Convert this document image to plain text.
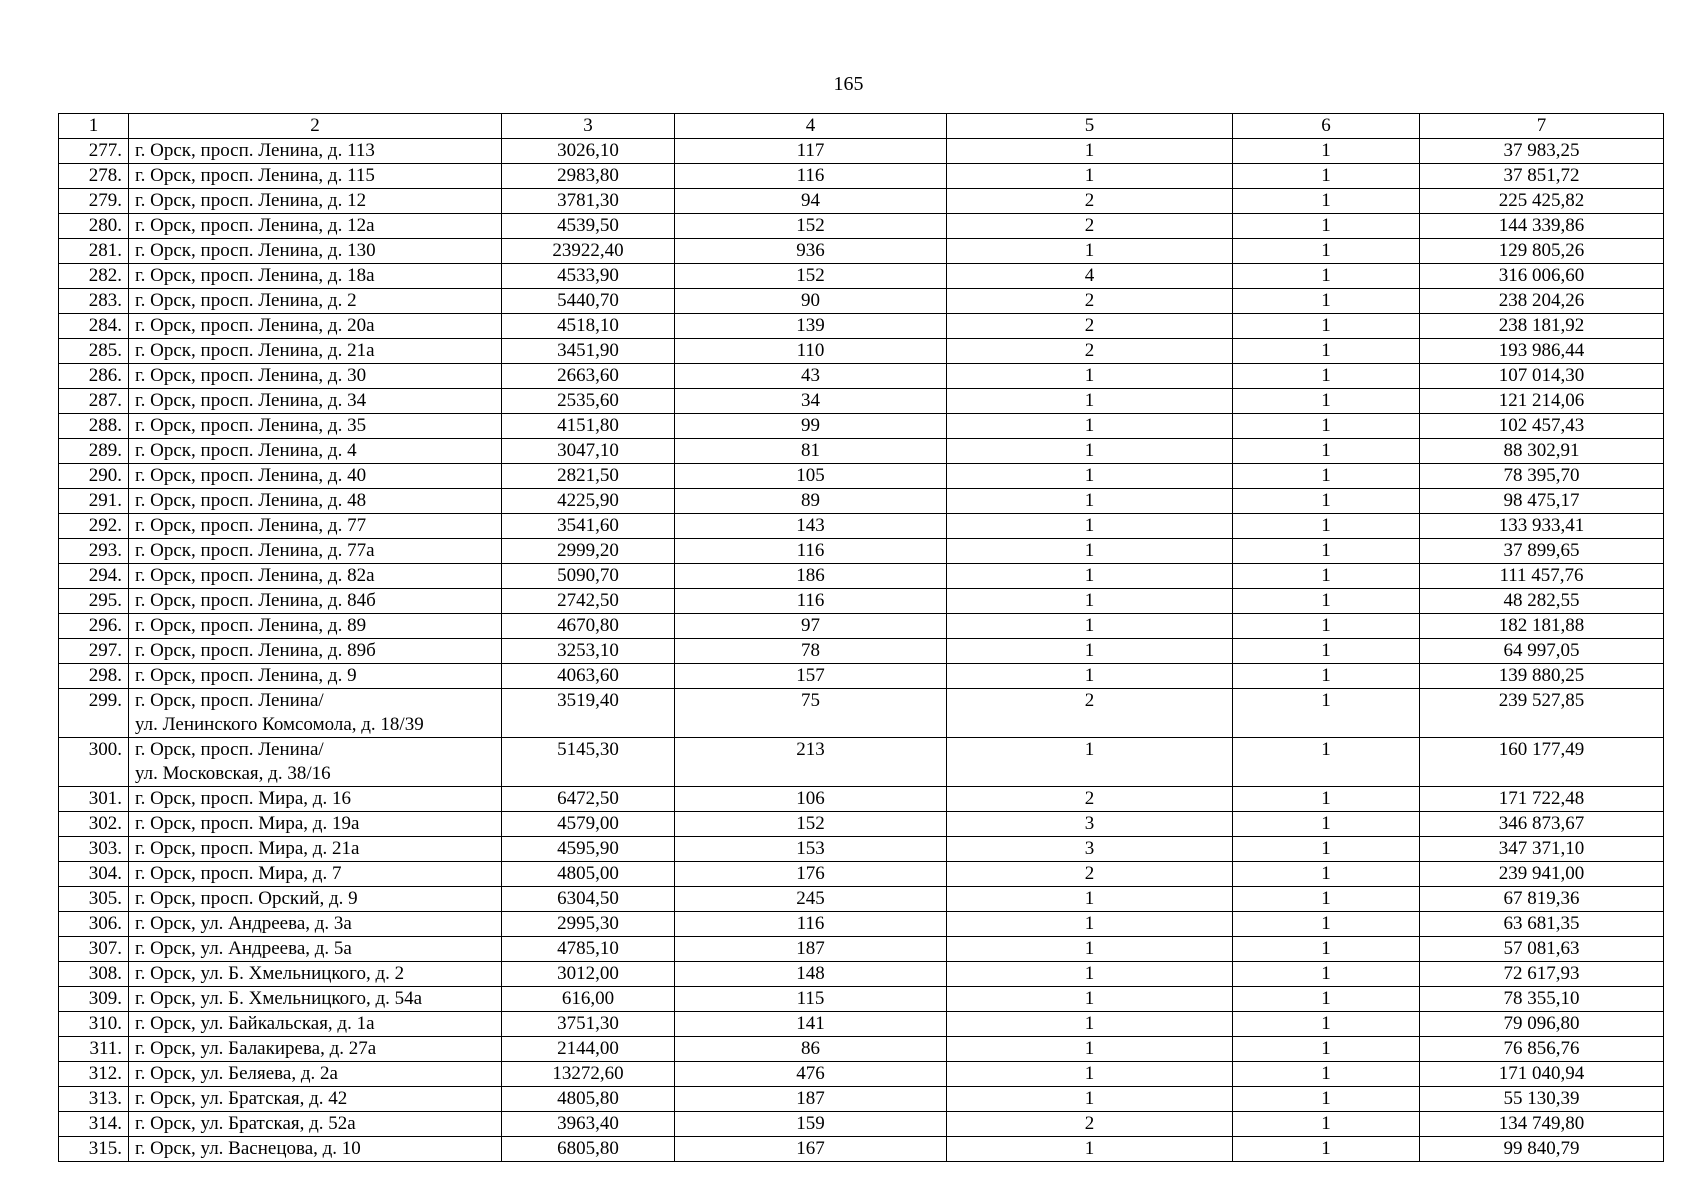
165
1	2	3	4	5	6	7
277.	г. Орск, просп. Ленина, д. 113	3026,10	117	1	1	37 983,25
278.	г. Орск, просп. Ленина, д. 115	2983,80	116	1	1	37 851,72
279.	г. Орск, просп. Ленина, д. 12	3781,30	94	2	1	225 425,82
280.	г. Орск, просп. Ленина, д. 12а	4539,50	152	2	1	144 339,86
281.	г. Орск, просп. Ленина, д. 130	23922,40	936	1	1	129 805,26
282.	г. Орск, просп. Ленина, д. 18а	4533,90	152	4	1	316 006,60
283.	г. Орск, просп. Ленина, д. 2	5440,70	90	2	1	238 204,26
284.	г. Орск, просп. Ленина, д. 20а	4518,10	139	2	1	238 181,92
285.	г. Орск, просп. Ленина, д. 21а	3451,90	110	2	1	193 986,44
286.	г. Орск, просп. Ленина, д. 30	2663,60	43	1	1	107 014,30
287.	г. Орск, просп. Ленина, д. 34	2535,60	34	1	1	121 214,06
288.	г. Орск, просп. Ленина, д. 35	4151,80	99	1	1	102 457,43
289.	г. Орск, просп. Ленина, д. 4	3047,10	81	1	1	88 302,91
290.	г. Орск, просп. Ленина, д. 40	2821,50	105	1	1	78 395,70
291.	г. Орск, просп. Ленина, д. 48	4225,90	89	1	1	98 475,17
292.	г. Орск, просп. Ленина, д. 77	3541,60	143	1	1	133 933,41
293.	г. Орск, просп. Ленина, д. 77а	2999,20	116	1	1	37 899,65
294.	г. Орск, просп. Ленина, д. 82а	5090,70	186	1	1	111 457,76
295.	г. Орск, просп. Ленина, д. 84б	2742,50	116	1	1	48 282,55
296.	г. Орск, просп. Ленина, д. 89	4670,80	97	1	1	182 181,88
297.	г. Орск, просп. Ленина, д. 89б	3253,10	78	1	1	64 997,05
298.	г. Орск, просп. Ленина, д. 9	4063,60	157	1	1	139 880,25
299.	г. Орск, просп. Ленина/
ул. Ленинского Комсомола, д. 18/39	3519,40	75	2	1	239 527,85
300.	г. Орск, просп. Ленина/
ул. Московская, д. 38/16	5145,30	213	1	1	160 177,49
301.	г. Орск, просп. Мира, д. 16	6472,50	106	2	1	171 722,48
302.	г. Орск, просп. Мира, д. 19а	4579,00	152	3	1	346 873,67
303.	г. Орск, просп. Мира, д. 21а	4595,90	153	3	1	347 371,10
304.	г. Орск, просп. Мира, д. 7	4805,00	176	2	1	239 941,00
305.	г. Орск, просп. Орский, д. 9	6304,50	245	1	1	67 819,36
306.	г. Орск, ул. Андреева, д. 3а	2995,30	116	1	1	63 681,35
307.	г. Орск, ул. Андреева, д. 5а	4785,10	187	1	1	57 081,63
308.	г. Орск, ул. Б. Хмельницкого, д. 2	3012,00	148	1	1	72 617,93
309.	г. Орск, ул. Б. Хмельницкого, д. 54а	616,00	115	1	1	78 355,10
310.	г. Орск, ул. Байкальская, д. 1а	3751,30	141	1	1	79 096,80
311.	г. Орск, ул. Балакирева, д. 27а	2144,00	86	1	1	76 856,76
312.	г. Орск, ул. Беляева, д. 2а	13272,60	476	1	1	171 040,94
313.	г. Орск, ул. Братская, д. 42	4805,80	187	1	1	55 130,39
314.	г. Орск, ул. Братская, д. 52а	3963,40	159	2	1	134 749,80
315.	г. Орск, ул. Васнецова, д. 10	6805,80	167	1	1	99 840,79
